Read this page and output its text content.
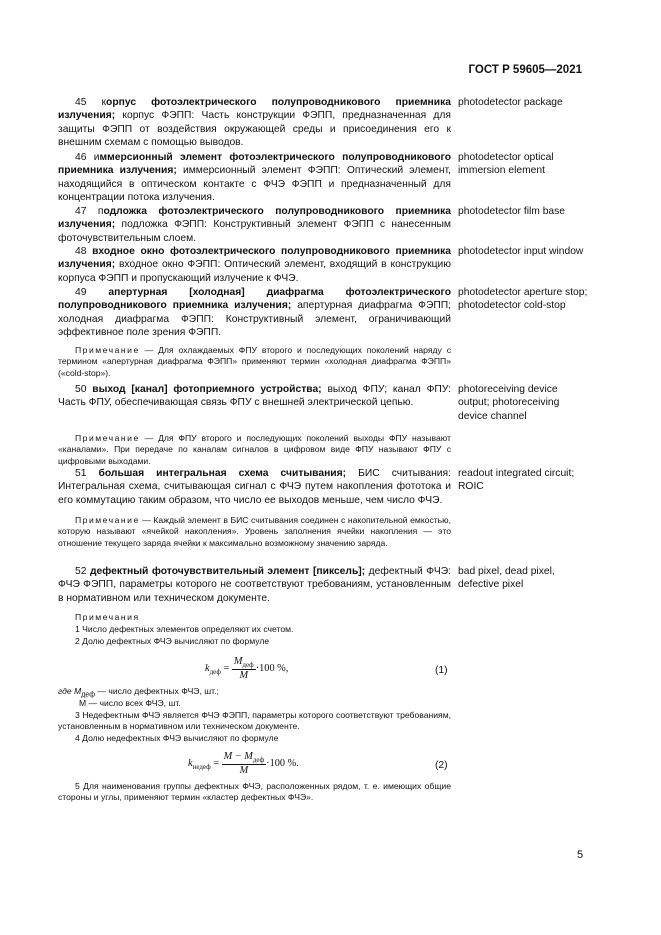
ГОСТ Р 59605—2021

45 корпус фотоэлектрического полупроводникового приемника излучения; корпус ФЭПП: Часть конструкции ФЭПП, предназначенная для защиты ФЭПП от воздействия окружающей среды и присоединения его к внешним схемам с помощью выводов.

photodetector package

46 иммерсионный элемент фотоэлектрического полупроводникового приемника излучения; иммерсионный элемент ФЭПП: Оптический элемент, находящийся в оптическом контакте с ФЧЭ ФЭПП и предназначенный для концентрации потока излучения.

photodetector optical immersion element

47 подложка фотоэлектрического полупроводникового приемника излучения; подложка ФЭПП: Конструктивный элемент ФЭПП с нанесенным фоточувствительным слоем.

photodetector film base

48 входное окно фотоэлектрического полупроводникового приемника излучения; входное окно ФЭПП: Оптический элемент, входящий в конструкцию корпуса ФЭПП и пропускающий излучение к ФЧЭ.

photodetector input window

49 апертурная [холодная] диафрагма фотоэлектрического полупроводникового приемника излучения; апертурная диафрагма ФЭПП; холодная диафрагма ФЭПП: Конструктивный элемент, ограничивающий эффективное поле зрения ФЭПП.

photodetector aperture stop; photodetector cold-stop

Примечание — Для охлаждаемых ФПУ второго и последующих поколений наряду с термином «апертурная диафрагма ФЭПП» применяют термин «холодная диафрагма ФЭПП» («cold-stop»).

50 выход [канал] фотоприемного устройства; выход ФПУ; канал ФПУ: Часть ФПУ, обеспечивающая связь ФПУ с внешней электрической цепью.

photoreceiving device output; photoreceiving device channel

Примечание — Для ФПУ второго и последующих поколений выходы ФПУ называют «каналами». При передаче по каналам сигналов в цифровом виде ФПУ называют ФПУ с цифровыми выходами.

51 большая интегральная схема считывания; БИС считывания: Интегральная схема, считывающая сигнал с ФЧЭ путем накопления фототока и его коммутацию таким образом, что число ее выходов меньше, чем число ФЧЭ.

readout integrated circuit; ROIC

Примечание — Каждый элемент в БИС считывания соединен с накопительной емкостью, которую называют «ячейкой накопления». Уровень заполнения ячейки накопления — это отношение текущего заряда ячейки к максимально возможному значению заряда.

52 дефектный фоточувствительный элемент [пиксель]; дефектный ФЧЭ: ФЧЭ ФЭПП, параметры которого не соответствуют требованиям, установленным в нормативном или техническом документе.

bad pixel, dead pixel, defective pixel

Примечания

1 Число дефектных элементов определяют их счетом.

2 Долю дефектных ФЧЭ вычисляют по формуле

$k_{деф} = \frac{M_{деф}}{M} \cdot 100$ %,	(1)

где $M_{деф}$ — число дефектных ФЧЭ, шт.;

M — число всех ФЧЭ, шт.

3 Недефектным ФЧЭ является ФЧЭ ФЭПП, параметры которого соответствуют требованиям, установленным в нормативном или техническом документе.

4 Долю недефектных ФЧЭ вычисляют по формуле

$k_{недеф} = \frac{M - M_{деф}}{M} \cdot 100$ %.	(2)

5 Для наименования группы дефектных ФЧЭ, расположенных рядом, т. е. имеющих общие стороны и углы, применяют термин «кластер дефектных ФЧЭ».

5
